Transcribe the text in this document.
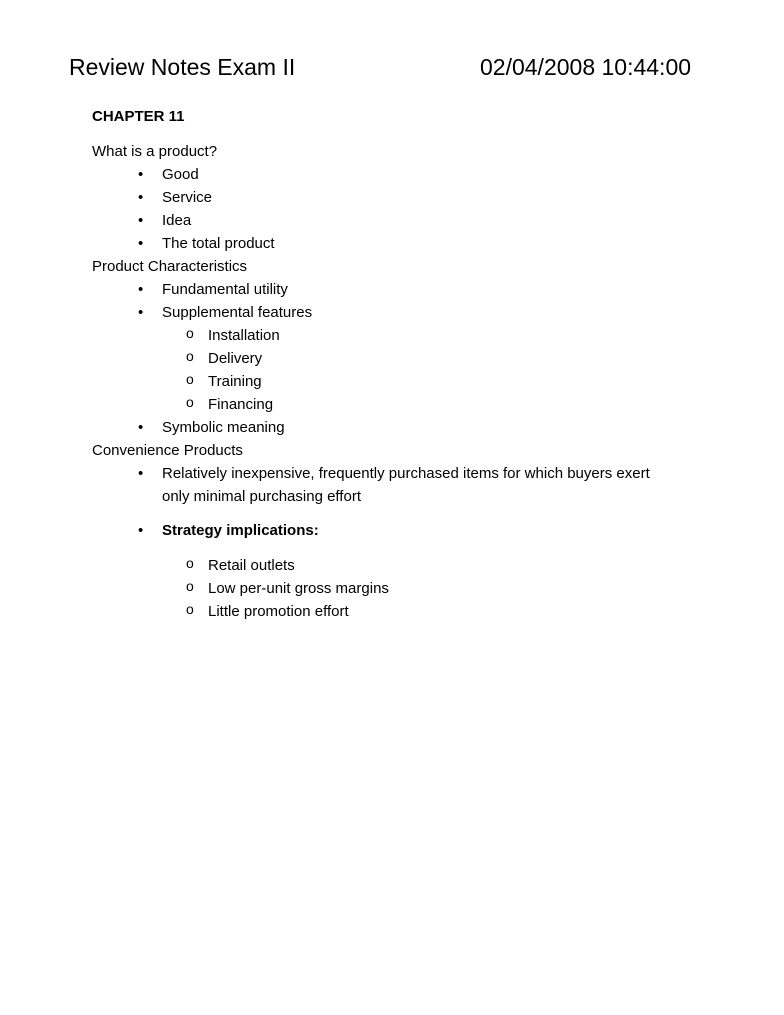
Review Notes Exam II	02/04/2008 10:44:00
CHAPTER 11
What is a product?
• Good
• Service
• Idea
• The total product
Product Characteristics
• Fundamental utility
• Supplemental features
o Installation
o Delivery
o Training
o Financing
• Symbolic meaning
Convenience Products
• Relatively inexpensive, frequently purchased items for which buyers exert
only minimal purchasing effort
• Strategy implications:
o Retail outlets
o Low per-unit gross margins
o Little promotion effort
